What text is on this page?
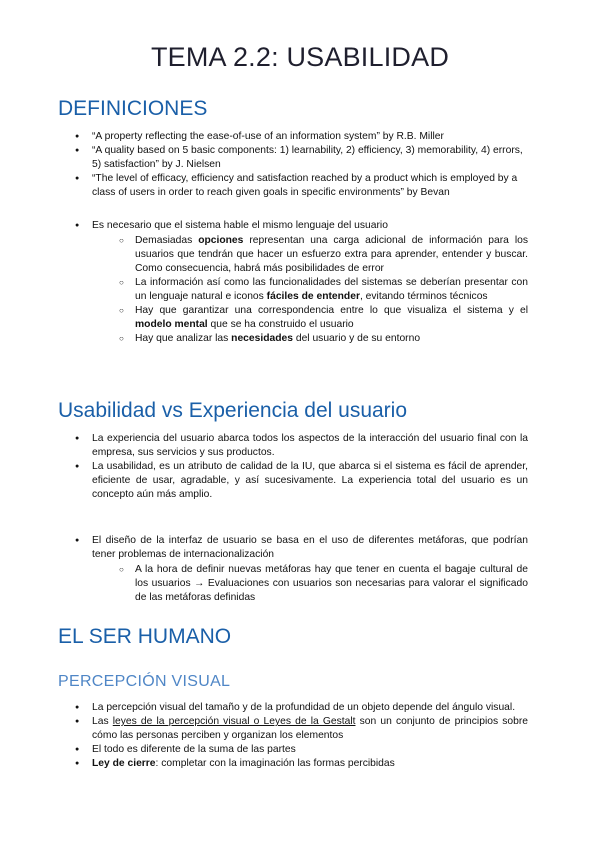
TEMA 2.2: USABILIDAD
DEFINICIONES
● “A property reflecting the ease-of-use of an information system” by R.B. Miller
● “A quality based on 5 basic components: 1) learnability, 2) efficiency, 3) memorability, 4) errors, 5) satisfaction” by J. Nielsen
● “The level of efficacy, efficiency and satisfaction reached by a product which is employed by a class of users in order to reach given goals in specific environments” by Bevan
● Es necesario que el sistema hable el mismo lenguaje del usuario
○ Demasiadas opciones representan una carga adicional de información para los usuarios que tendrán que hacer un esfuerzo extra para aprender, entender y buscar. Como consecuencia, habrá más posibilidades de error
○ La información así como las funcionalidades del sistemas se deberían presentar con un lenguaje natural e iconos fáciles de entender, evitando términos técnicos
○ Hay que garantizar una correspondencia entre lo que visualiza el sistema y el modelo mental que se ha construido el usuario
○ Hay que analizar las necesidades del usuario y de su entorno
Usabilidad vs Experiencia del usuario
● La experiencia del usuario abarca todos los aspectos de la interacción del usuario final con la empresa, sus servicios y sus productos.
● La usabilidad, es un atributo de calidad de la IU, que abarca si el sistema es fácil de aprender, eficiente de usar, agradable, y así sucesivamente. La experiencia total del usuario es un concepto aún más amplio.
● El diseño de la interfaz de usuario se basa en el uso de diferentes metáforas, que podrían tener problemas de internacionalización
○ A la hora de definir nuevas metáforas hay que tener en cuenta el bagaje cultural de los usuarios → Evaluaciones con usuarios son necesarias para valorar el significado de las metáforas definidas
EL SER HUMANO
PERCEPCIÓN VISUAL
● La percepción visual del tamaño y de la profundidad de un objeto depende del ángulo visual.
● Las leyes de la percepción visual o Leyes de la Gestalt son un conjunto de principios sobre cómo las personas perciben y organizan los elementos
● El todo es diferente de la suma de las partes
● Ley de cierre: completar con la imaginación las formas percibidas
